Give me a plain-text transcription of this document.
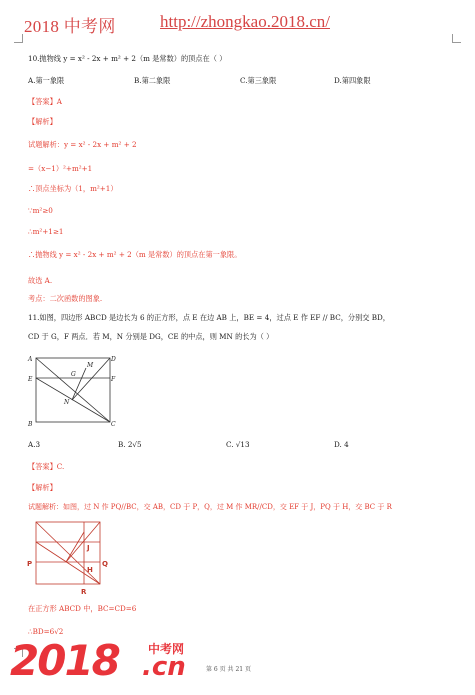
2018 中考网	http://zhongkao.2018.cn/
10.抛物线 y = x² - 2x + m² + 2（m 是常数）的顶点在（ ）
A.第一象限	B.第二象限	C.第三象限	D.第四象限
【答案】A
【解析】
试题解析：y = x² - 2x + m² + 2
=（x−1）²+m²+1
∴顶点坐标为（1，m²+1）
∵m²≥0
∴m²+1≥1
∴抛物线 y = x² - 2x + m² + 2（m 是常数）的顶点在第一象限。
故选 A.
考点：二次函数的图象.
11.如图，四边形 ABCD 是边长为 6 的正方形，点 E 在边 AB 上，BE = 4，过点 E 作 EF // BC，分别交 BD，
CD 于 G，F 两点．若 M，N 分别是 DG，CE 的中点，则 MN 的长为（ ）
A	D
E	F
M
G
N
B	C
A.3	B. 2√5	C. √13	D. 4
【答案】C.
【解析】
试题解析：如图，过 N 作 PQ//BC，交 AB，CD 于 P，Q，过 M 作 MR//CD，交 EF 于 J，PQ 于 H，交 BC 于 R
J
P	Q
H
R
在正方形 ABCD 中，BC=CD=6
∴BD=6√2
2018 中考网
.cn	第 6 页 共 21 页
